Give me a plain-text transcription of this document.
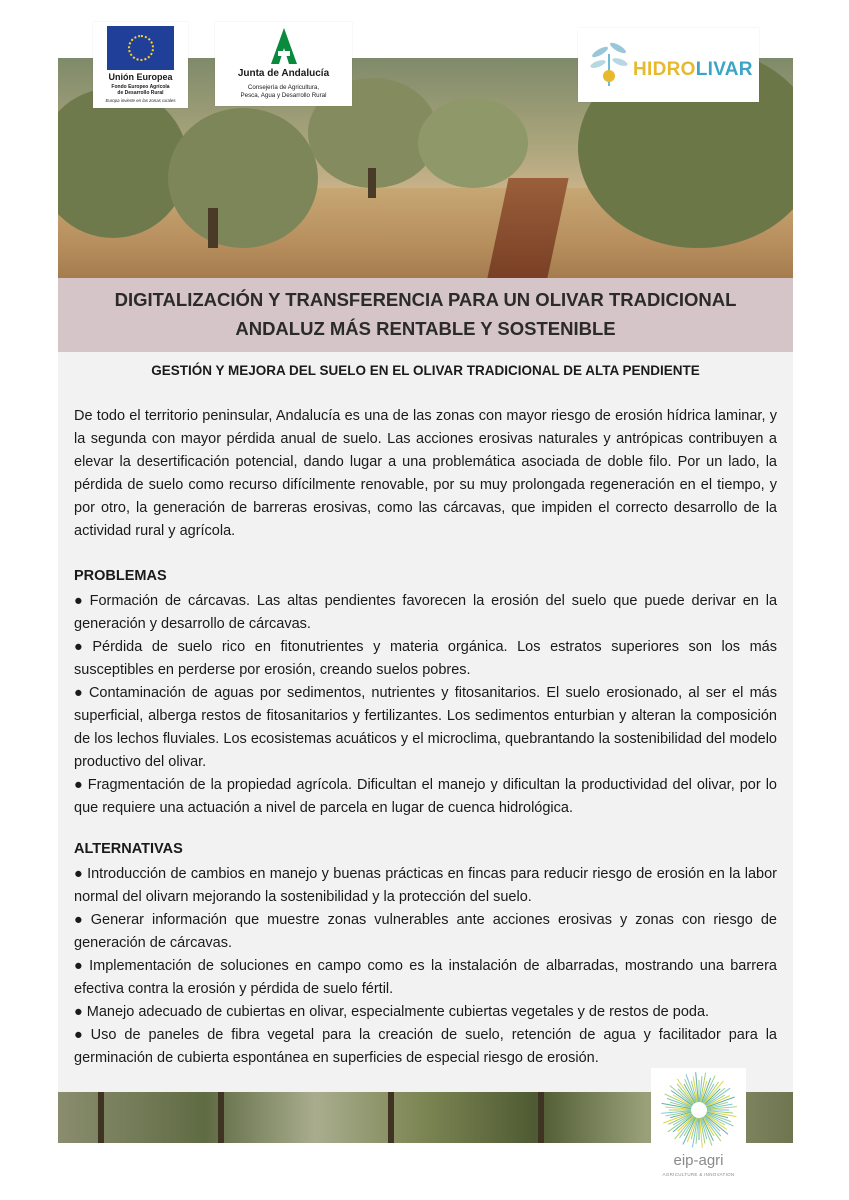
Unión Europea
Fondo Europeo Agrícola
de Desarrollo Rural
Europa invierte en las zonas rurales
Junta de Andalucía
Consejería de Agricultura,
Pesca, Agua y Desarrollo Rural
HIDROLIVAR
DIGITALIZACIÓN Y TRANSFERENCIA PARA UN OLIVAR TRADICIONAL
ANDALUZ MÁS RENTABLE Y SOSTENIBLE
GESTIÓN Y MEJORA DEL SUELO EN EL OLIVAR TRADICIONAL DE ALTA PENDIENTE

De todo el territorio peninsular, Andalucía es una de las zonas con mayor riesgo de erosión hídrica laminar, y la segunda con mayor pérdida anual de suelo. Las acciones erosivas naturales y antrópicas contribuyen a elevar la desertificación potencial, dando lugar a una problemática asociada de doble filo. Por un lado, la pérdida de suelo como recurso difícilmente renovable, por su muy prolongada regeneración en el tiempo, y por otro, la generación de barreras erosivas, como las cárcavas, que impiden el correcto desarrollo de la actividad rural y agrícola.

PROBLEMAS
● Formación de cárcavas. Las altas pendientes favorecen la erosión del suelo que puede derivar en la generación y desarrollo de cárcavas.
● Pérdida de suelo rico en fitonutrientes y materia orgánica. Los estratos superiores son los más susceptibles en perderse por erosión, creando suelos pobres.
● Contaminación de aguas por sedimentos, nutrientes y fitosanitarios. El suelo erosionado, al ser el más superficial, alberga restos de fitosanitarios y fertilizantes. Los sedimentos enturbian y alteran la composición de los lechos fluviales. Los ecosistemas acuáticos y el microclima, quebrantando la sostenibilidad del modelo productivo del olivar.
● Fragmentación de la propiedad agrícola. Dificultan el manejo y dificultan la productividad del olivar, por lo que requiere una actuación a nivel de parcela en lugar de cuenca hidrológica.
ALTERNATIVAS
● Introducción de cambios en manejo y buenas prácticas en fincas para reducir riesgo de erosión en la labor normal del olivarn mejorando la sostenibilidad y la protección del suelo.
● Generar información que muestre zonas vulnerables ante acciones erosivas y zonas con riesgo de generación de cárcavas.
● Implementación de soluciones en campo como es la instalación de albarradas, mostrando una barrera efectiva contra la erosión y pérdida de suelo fértil.
● Manejo adecuado de cubiertas en olivar, especialmente cubiertas vegetales y de restos de poda.
● Uso de paneles de fibra vegetal para la creación de suelo, retención de agua y facilitador para la germinación de cubierta espontánea en superficies de especial riesgo de erosión.
eip-agri
AGRICULTURE & INNOVATION
